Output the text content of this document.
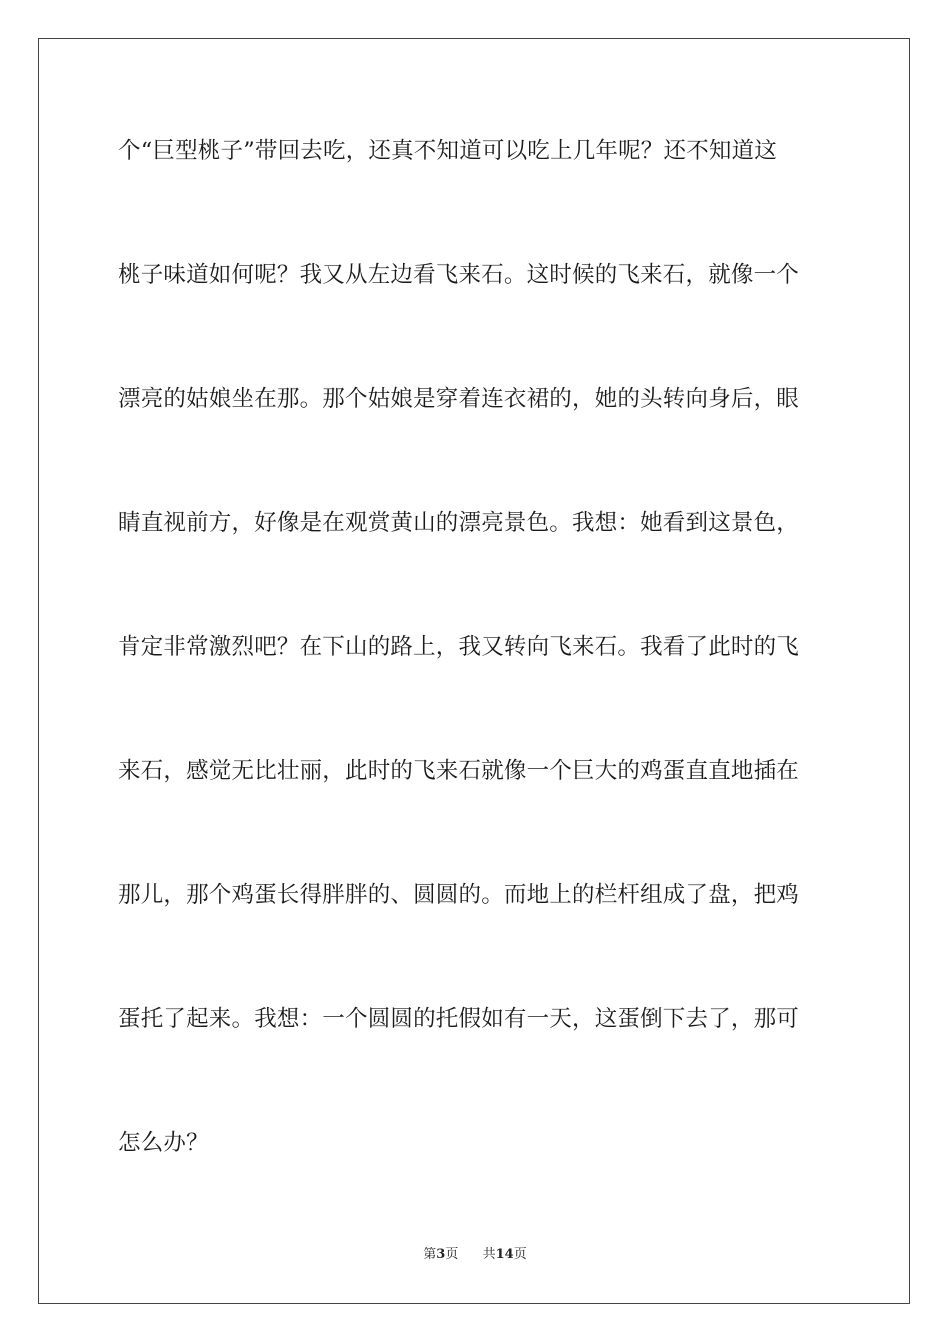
个“巨型桃子”带回去吃，还真不知道可以吃上几年呢？还不知道这
桃子味道如何呢？我又从左边看飞来石。这时候的飞来石，就像一个
漂亮的姑娘坐在那。那个姑娘是穿着连衣裙的，她的头转向身后，眼
睛直视前方，好像是在观赏黄山的漂亮景色。我想：她看到这景色，
肯定非常激烈吧？在下山的路上，我又转向飞来石。我看了此时的飞
来石，感觉无比壮丽，此时的飞来石就像一个巨大的鸡蛋直直地插在
那儿，那个鸡蛋长得胖胖的、圆圆的。而地上的栏杆组成了盘，把鸡
蛋托了起来。我想：一个圆圆的托假如有一天，这蛋倒下去了，那可
怎么办？
第3页 共14页
